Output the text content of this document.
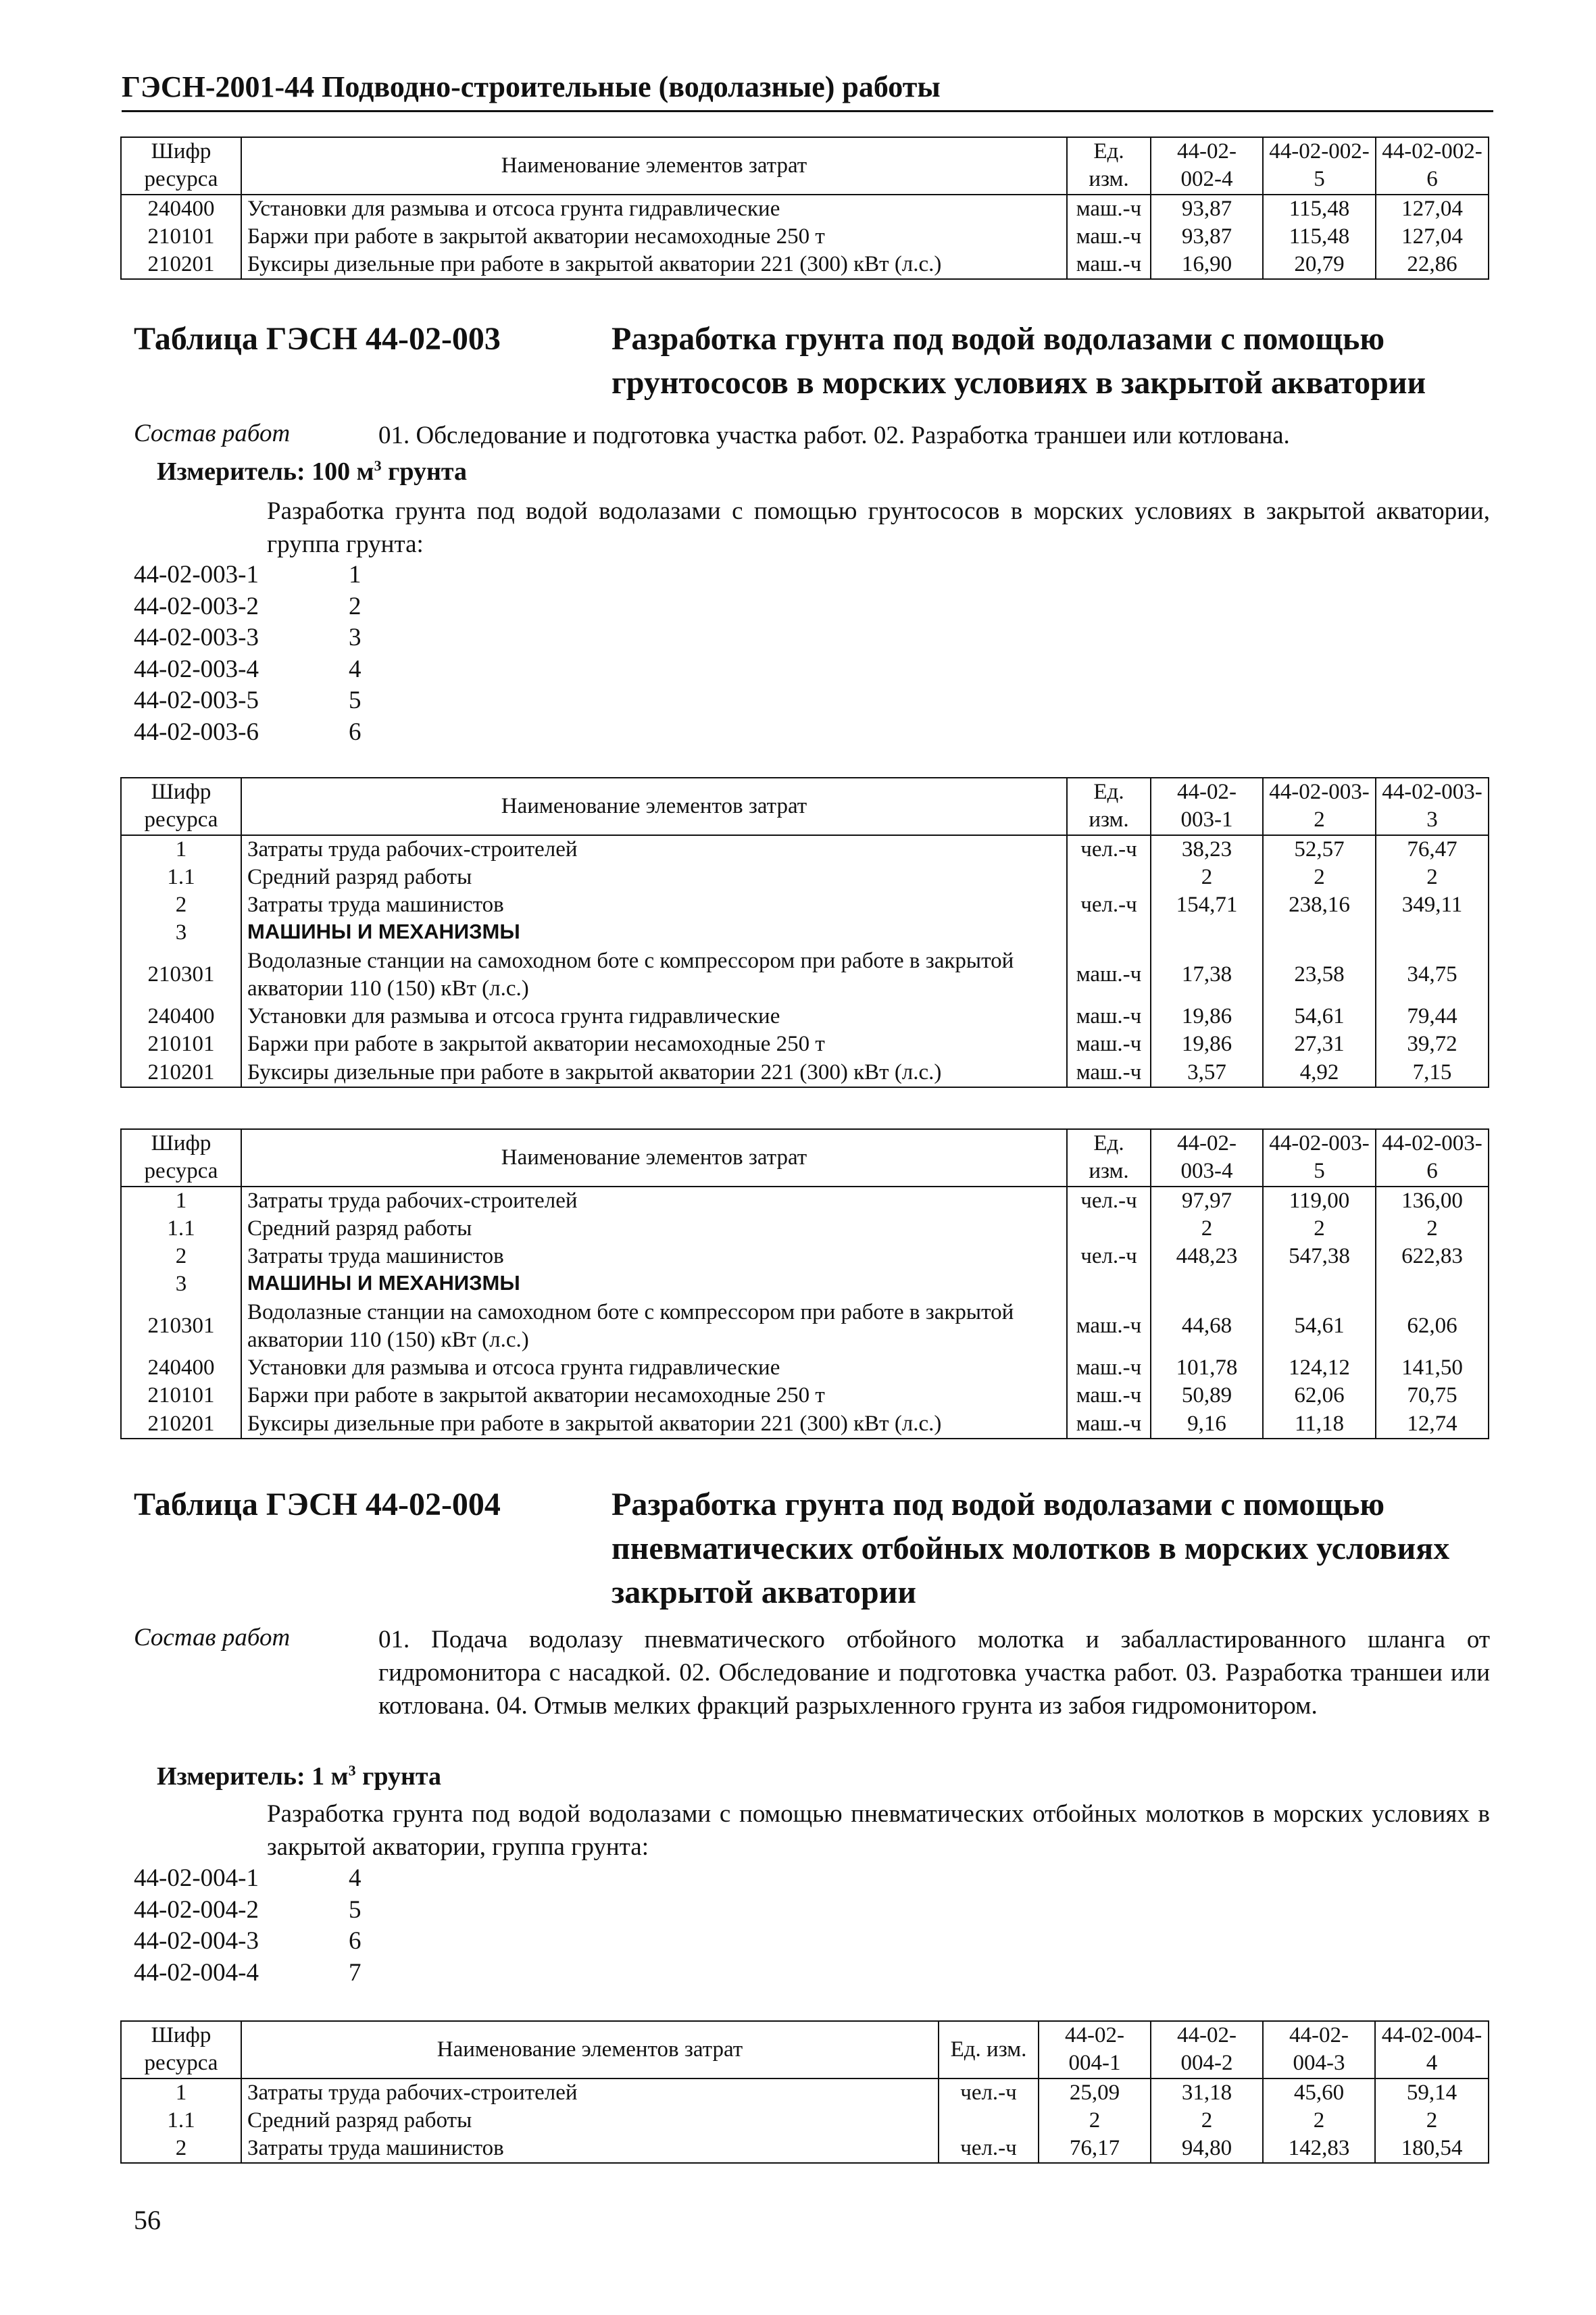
ГЭСН-2001-44 Подводно-строительные (водолазные) работы
Шифр ресурса	Наименование элементов затрат	Ед. изм.	44-02-002-4	44-02-002-5	44-02-002-6
240400	Установки для размыва и отсоса грунта гидравлические	маш.-ч	93,87	115,48	127,04
210101	Баржи при работе в закрытой акватории несамоходные 250 т	маш.-ч	93,87	115,48	127,04
210201	Буксиры дизельные при работе в закрытой акватории 221 (300) кВт (л.с.)	маш.-ч	16,90	20,79	22,86
Таблица ГЭСН 44-02-003	Разработка грунта под водой водолазами с помощью грунтососов в морских условиях в закрытой акватории
Состав работ	01. Обследование и подготовка участка работ. 02. Разработка траншеи или котлована.
Измеритель: 100 $м^3$ грунта
Разработка грунта под водой водолазами с помощью грунтососов в морских условиях в закрытой акватории, группа грунта:
44-02-003-1	1
44-02-003-2	2
44-02-003-3	3
44-02-003-4	4
44-02-003-5	5
44-02-003-6	6
Шифр ресурса	Наименование элементов затрат	Ед. изм.	44-02-003-1	44-02-003-2	44-02-003-3
1	Затраты труда рабочих-строителей	чел.-ч	38,23	52,57	76,47
1.1	Средний разряд работы		2	2	2
2	Затраты труда машинистов	чел.-ч	154,71	238,16	349,11
3	МАШИНЫ И МЕХАНИЗМЫ				
210301	Водолазные станции на самоходном боте с компрессором при работе в закрытой акватории 110 (150) кВт (л.с.)	маш.-ч	17,38	23,58	34,75
240400	Установки для размыва и отсоса грунта гидравлические	маш.-ч	19,86	54,61	79,44
210101	Баржи при работе в закрытой акватории несамоходные 250 т	маш.-ч	19,86	27,31	39,72
210201	Буксиры дизельные при работе в закрытой акватории 221 (300) кВт (л.с.)	маш.-ч	3,57	4,92	7,15
Шифр ресурса	Наименование элементов затрат	Ед. изм.	44-02-003-4	44-02-003-5	44-02-003-6
1	Затраты труда рабочих-строителей	чел.-ч	97,97	119,00	136,00
1.1	Средний разряд работы		2	2	2
2	Затраты труда машинистов	чел.-ч	448,23	547,38	622,83
3	МАШИНЫ И МЕХАНИЗМЫ				
210301	Водолазные станции на самоходном боте с компрессором при работе в закрытой акватории 110 (150) кВт (л.с.)	маш.-ч	44,68	54,61	62,06
240400	Установки для размыва и отсоса грунта гидравлические	маш.-ч	101,78	124,12	141,50
210101	Баржи при работе в закрытой акватории несамоходные 250 т	маш.-ч	50,89	62,06	70,75
210201	Буксиры дизельные при работе в закрытой акватории 221 (300) кВт (л.с.)	маш.-ч	9,16	11,18	12,74
Таблица ГЭСН 44-02-004	Разработка грунта под водой водолазами с помощью пневматических отбойных молотков в морских условиях закрытой акватории
Состав работ	01. Подача водолазу пневматического отбойного молотка и забалластированного шланга от гидромонитора с насадкой. 02. Обследование и подготовка участка работ. 03. Разработка траншеи или котлована. 04. Отмыв мелких фракций разрыхленного грунта из забоя гидромонитором.
Измеритель: 1 $м^3$ грунта
Разработка грунта под водой водолазами с помощью пневматических отбойных молотков в морских условиях в закрытой акватории, группа грунта:
44-02-004-1	4
44-02-004-2	5
44-02-004-3	6
44-02-004-4	7
Шифр ресурса	Наименование элементов затрат	Ед. изм.	44-02-004-1	44-02-004-2	44-02-004-3	44-02-004-4
1	Затраты труда рабочих-строителей	чел.-ч	25,09	31,18	45,60	59,14
1.1	Средний разряд работы		2	2	2	2
2	Затраты труда машинистов	чел.-ч	76,17	94,80	142,83	180,54
56
